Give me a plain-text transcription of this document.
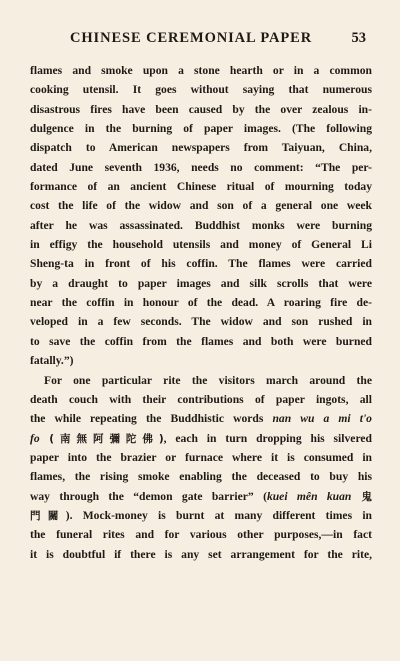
CHINESE CEREMONIAL PAPER	53
flames and smoke upon a stone hearth or in a common
cooking utensil. It goes without saying that numerous
disastrous fires have been caused by the over zealous in-
dulgence in the burning of paper images. (The following
dispatch to American newspapers from Taiyuan, China,
dated June seventh 1936, needs no comment: “The per-
formance of an ancient Chinese ritual of mourning today
cost the life of the widow and son of a general one week
after he was assassinated. Buddhist monks were burning
in effigy the household utensils and money of General Li
Sheng-ta in front of his coffin. The flames were carried
by a draught to paper images and silk scrolls that were
near the coffin in honour of the dead. A roaring fire de-
veloped in a few seconds. The widow and son rushed in
to save the coffin from the flames and both were burned
fatally.”)
For one particular rite the visitors march around the
death couch with their contributions of paper ingots, all
the while repeating the Buddhistic words nan wu a mi t'o
fo (南無阿彌陀佛), each in turn dropping his silvered
paper into the brazier or furnace where it is consumed in
flames, the rising smoke enabling the deceased to buy his
way through the “demon gate barrier” (kuei mên kuan 鬼
門關). Mock-money is burnt at many different times in
the funeral rites and for various other purposes,—in fact
it is doubtful if there is any set arrangement for the rite,
